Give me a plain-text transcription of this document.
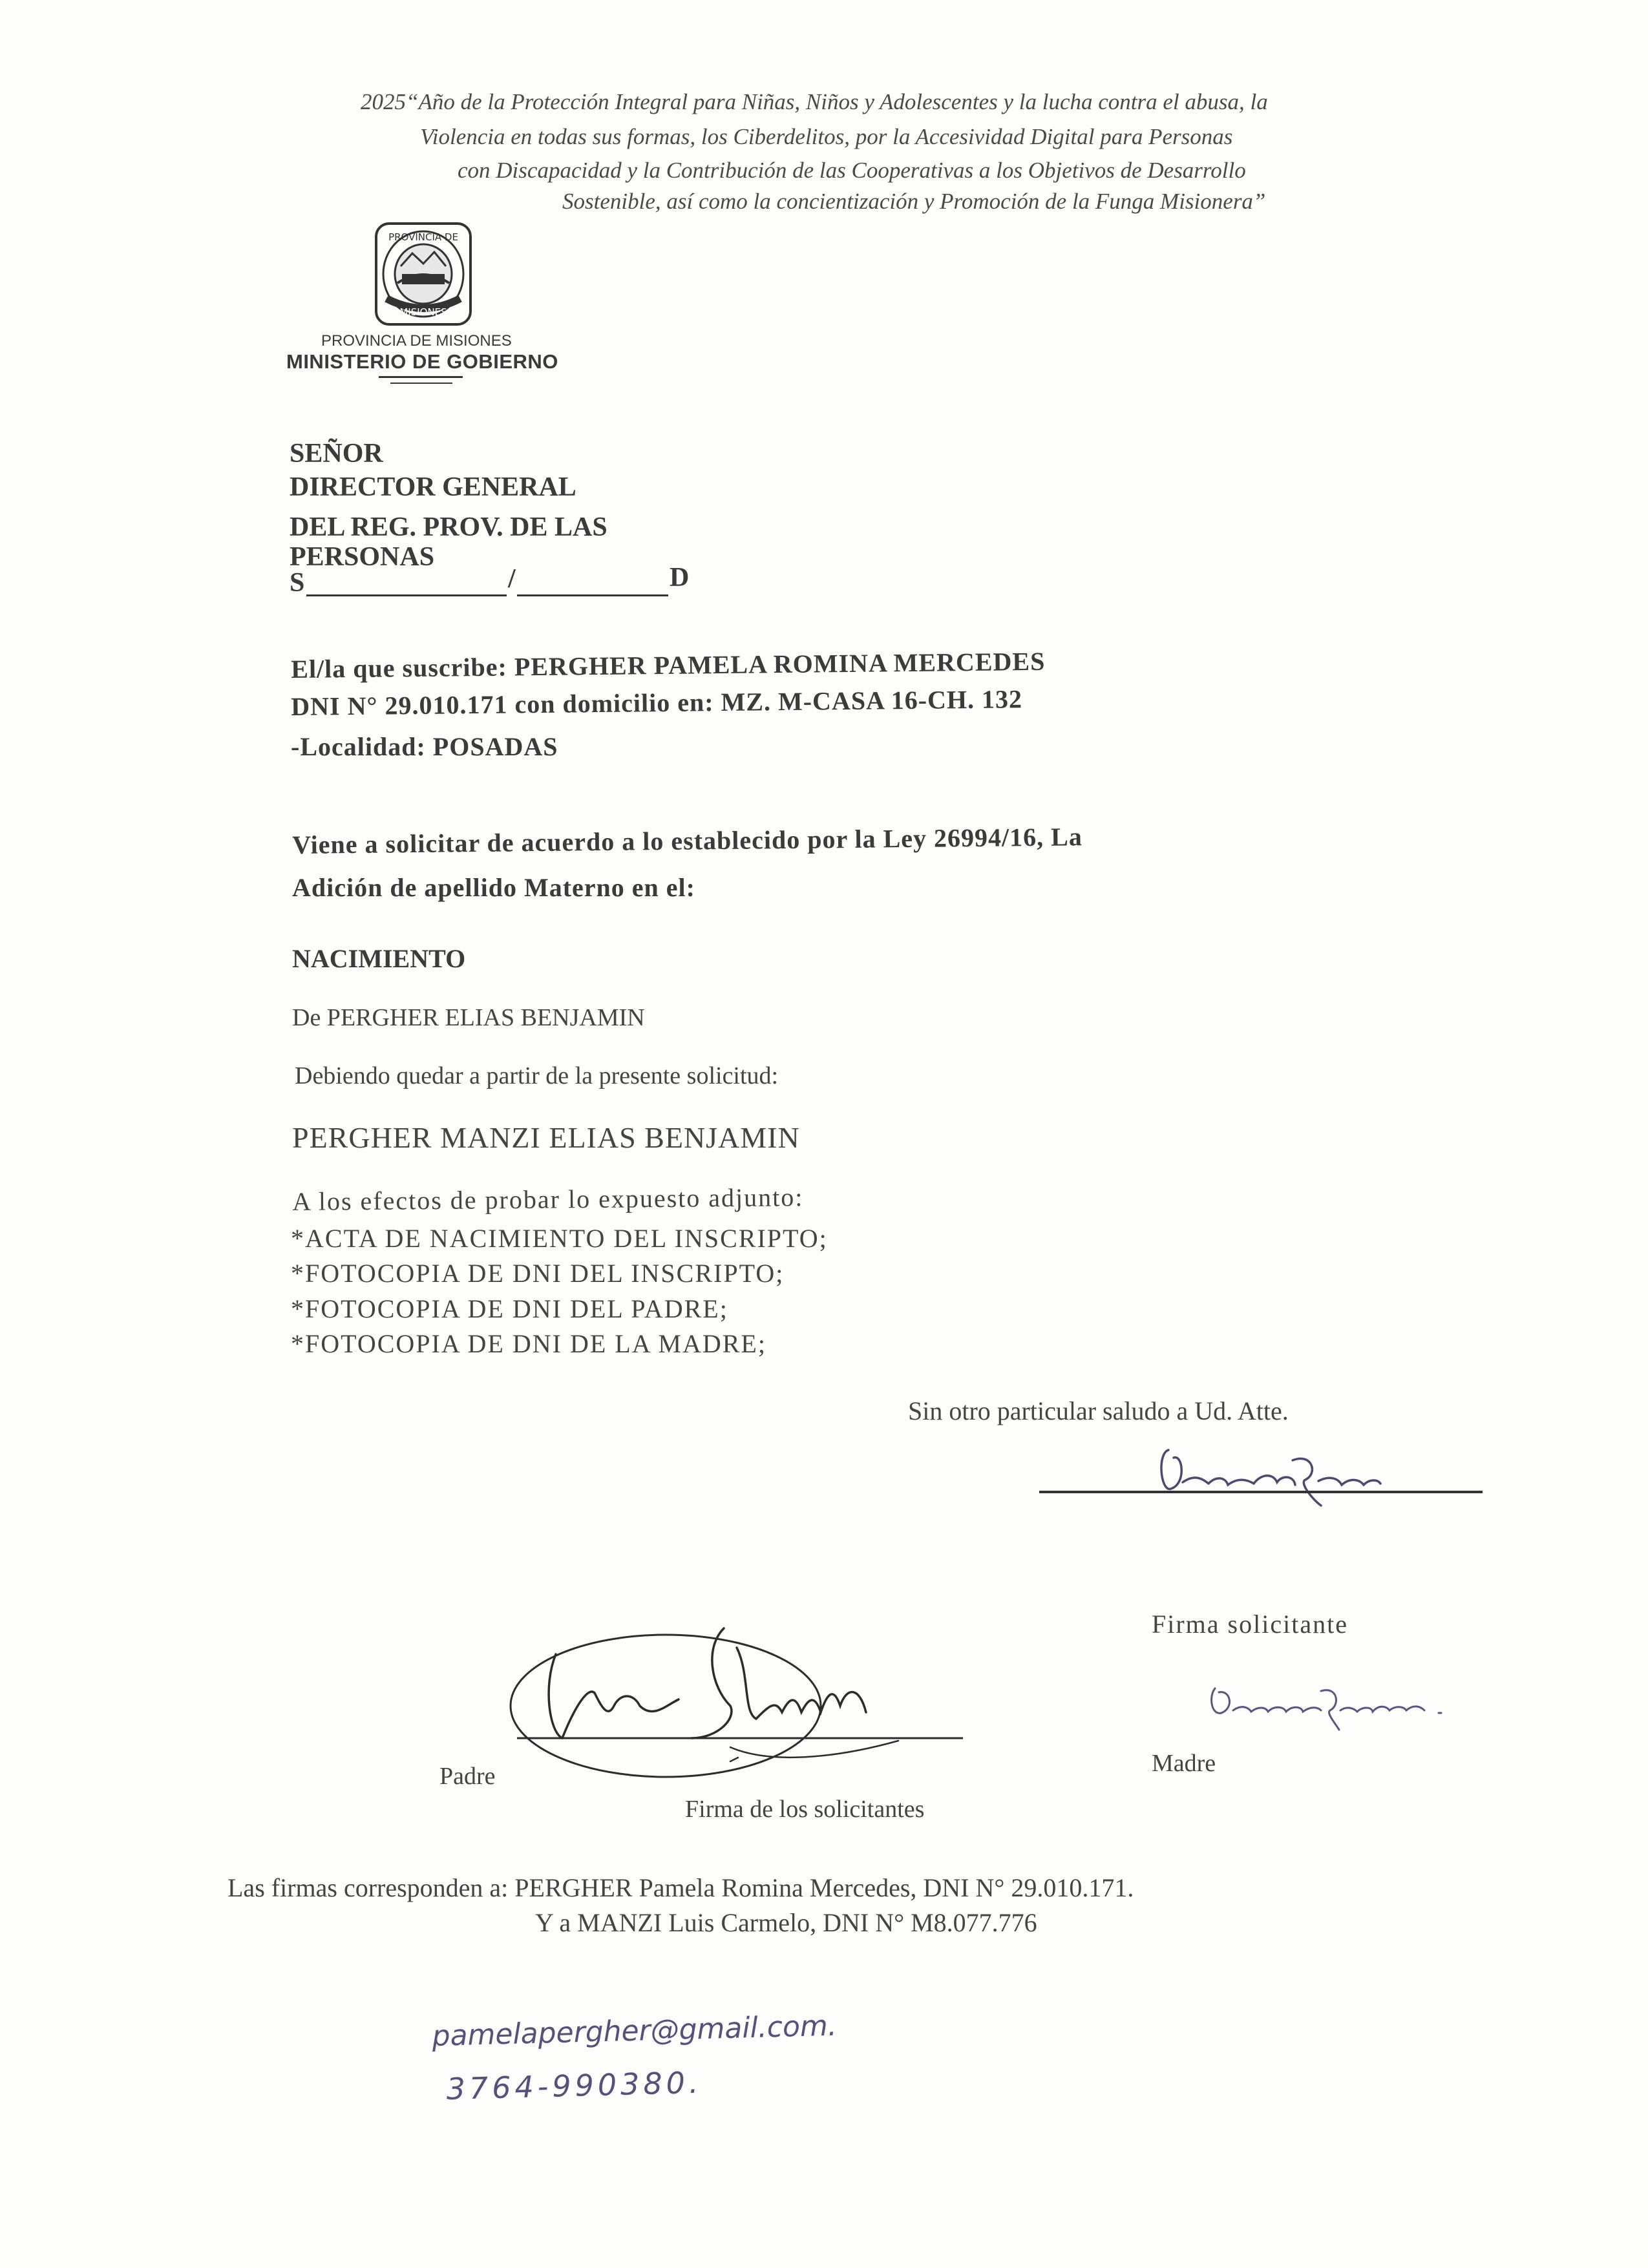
2025“Año de la Protección Integral para Niñas, Niños y Adolescentes y la lucha contra el abusa, la
Violencia en todas sus formas, los Ciberdelitos, por la Accesividad Digital para Personas
con Discapacidad y la Contribución de las Cooperativas a los Objetivos de Desarrollo
Sostenible, así como la concientización y Promoción de la Funga Misionera”
PROVINCIA DE
MISIONES
PROVINCIA DE MISIONES
MINISTERIO DE GOBIERNO
SEÑOR
DIRECTOR GENERAL
DEL REG. PROV. DE LAS
PERSONAS
S	/	D
El/la que suscribe: PERGHER PAMELA ROMINA MERCEDES
DNI N° 29.010.171 con domicilio en: MZ. M-CASA 16-CH. 132
-Localidad: POSADAS
Viene a solicitar de acuerdo a lo establecido por la Ley 26994/16, La
Adición de apellido Materno en el:
NACIMIENTO
De PERGHER ELIAS BENJAMIN
Debiendo quedar a partir de la presente solicitud:
PERGHER MANZI ELIAS BENJAMIN
A los efectos de probar lo expuesto adjunto:
*ACTA DE NACIMIENTO DEL INSCRIPTO;
*FOTOCOPIA DE DNI DEL INSCRIPTO;
*FOTOCOPIA DE DNI DEL PADRE;
*FOTOCOPIA DE DNI DE LA MADRE;
Sin otro particular saludo a Ud. Atte.
Firma solicitante
Padre	Madre
Firma de los solicitantes
Las firmas corresponden a: PERGHER Pamela Romina Mercedes, DNI N° 29.010.171.
Y a MANZI Luis Carmelo, DNI N° M8.077.776
pamelapergher@gmail.com.
3764-990380.
